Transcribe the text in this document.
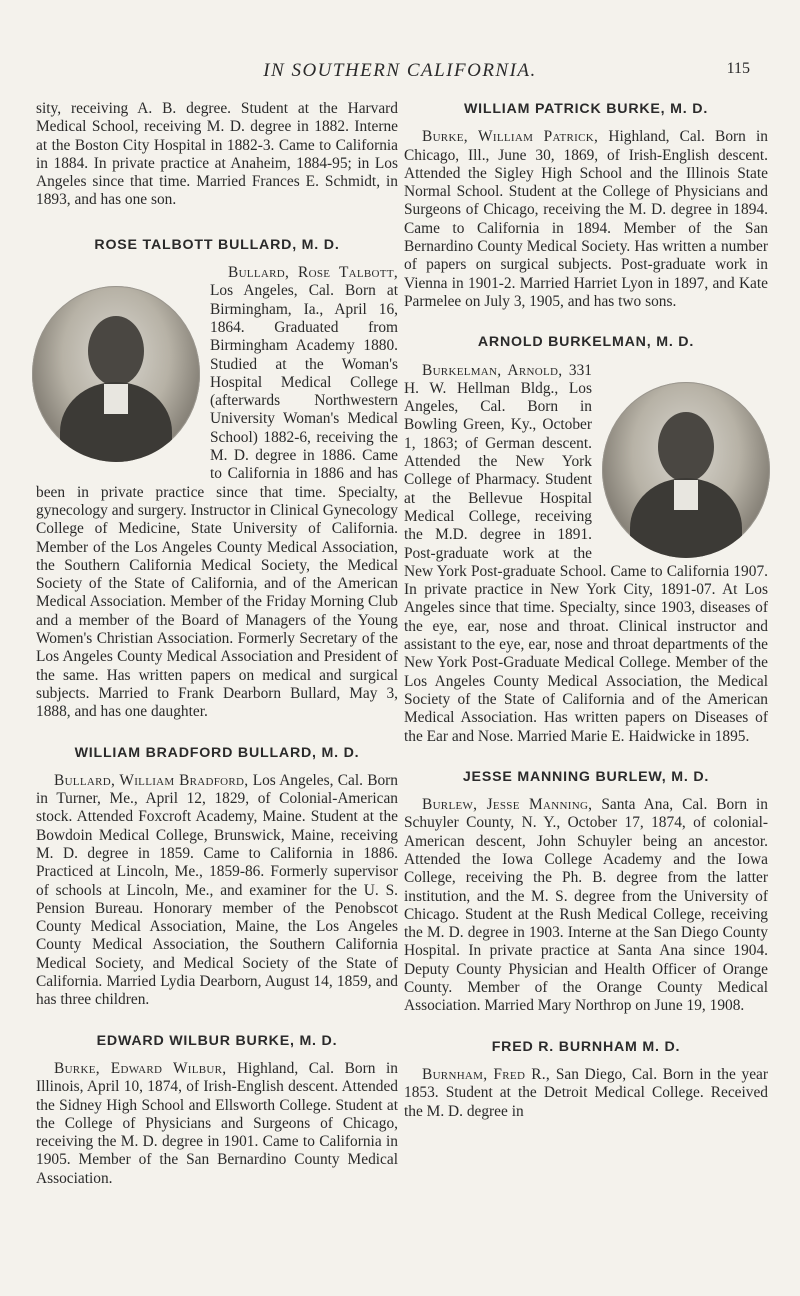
IN SOUTHERN CALIFORNIA.	115

sity, receiving A. B. degree. Student at the Harvard Medical School, receiving M. D. degree in 1882. Interne at the Boston City Hospital in 1882-3. Came to California in 1884. In private practice at Anaheim, 1884-95; in Los Angeles since that time. Married Frances E. Schmidt, in 1893, and has one son.

ROSE TALBOTT BULLARD, M. D.

Bullard, Rose Talbott, Los Angeles, Cal. Born at Birmingham, Ia., April 16, 1864. Graduated from Birmingham Academy 1880. Studied at the Woman's Hospital Medical College (afterwards Northwestern University Woman's Medical School) 1882-6, receiving the M. D. degree in 1886. Came to California in 1886 and has been in private practice since that time. Specialty, gynecology and surgery. Instructor in Clinical Gynecology College of Medicine, State University of California. Member of the Los Angeles County Medical Association, the Southern California Medical Society, the Medical Society of the State of California, and of the American Medical Association. Member of the Friday Morning Club and a member of the Board of Managers of the Young Women's Christian Association. Formerly Secretary of the Los Angeles County Medical Association and President of the same. Has written papers on medical and surgical subjects. Married to Frank Dearborn Bullard, May 3, 1888, and has one daughter.

WILLIAM BRADFORD BULLARD, M. D.

Bullard, William Bradford, Los Angeles, Cal. Born in Turner, Me., April 12, 1829, of Colonial-American stock. Attended Foxcroft Academy, Maine. Student at the Bowdoin Medical College, Brunswick, Maine, receiving M. D. degree in 1859. Came to California in 1886. Practiced at Lincoln, Me., 1859-86. Formerly supervisor of schools at Lincoln, Me., and examiner for the U. S. Pension Bureau. Honorary member of the Penobscot County Medical Association, Maine, the Los Angeles County Medical Association, the Southern California Medical Society, and Medical Society of the State of California. Married Lydia Dearborn, August 14, 1859, and has three children.

EDWARD WILBUR BURKE, M. D.

Burke, Edward Wilbur, Highland, Cal. Born in Illinois, April 10, 1874, of Irish-English descent. Attended the Sidney High School and Ellsworth College. Student at the College of Physicians and Surgeons of Chicago, receiving the M. D. degree in 1901. Came to California in 1905. Member of the San Bernardino County Medical Association.

WILLIAM PATRICK BURKE, M. D.

Burke, William Patrick, Highland, Cal. Born in Chicago, Ill., June 30, 1869, of Irish-English descent. Attended the Sigley High School and the Illinois State Normal School. Student at the College of Physicians and Surgeons of Chicago, receiving the M. D. degree in 1894. Came to California in 1894. Member of the San Bernardino County Medical Society. Has written a number of papers on surgical subjects. Post-graduate work in Vienna in 1901-2. Married Harriet Lyon in 1897, and Kate Parmelee on July 3, 1905, and has two sons.

ARNOLD BURKELMAN, M. D.

Burkelman, Arnold, 331 H. W. Hellman Bldg., Los Angeles, Cal. Born in Bowling Green, Ky., October 1, 1863; of German descent. Attended the New York College of Pharmacy. Student at the Bellevue Hospital Medical College, receiving the M.D. degree in 1891. Post-graduate work at the New York Post-graduate School. Came to California 1907. In private practice in New York City, 1891-07. At Los Angeles since that time. Specialty, since 1903, diseases of the eye, ear, nose and throat. Clinical instructor and assistant to the eye, ear, nose and throat departments of the New York Post-Graduate Medical College. Member of the Los Angeles County Medical Association, the Medical Society of the State of California and of the American Medical Association. Has written papers on Diseases of the Ear and Nose. Married Marie E. Haidwicke in 1895.

JESSE MANNING BURLEW, M. D.

Burlew, Jesse Manning, Santa Ana, Cal. Born in Schuyler County, N. Y., October 17, 1874, of colonial-American descent, John Schuyler being an ancestor. Attended the Iowa College Academy and the Iowa College, receiving the Ph. B. degree from the latter institution, and the M. S. degree from the University of Chicago. Student at the Rush Medical College, receiving the M. D. degree in 1903. Interne at the San Diego County Hospital. In private practice at Santa Ana since 1904. Deputy County Physician and Health Officer of Orange County. Member of the Orange County Medical Association. Married Mary Northrop on June 19, 1908.

FRED R. BURNHAM M. D.

Burnham, Fred R., San Diego, Cal. Born in the year 1853. Student at the Detroit Medical College. Received the M. D. degree in
